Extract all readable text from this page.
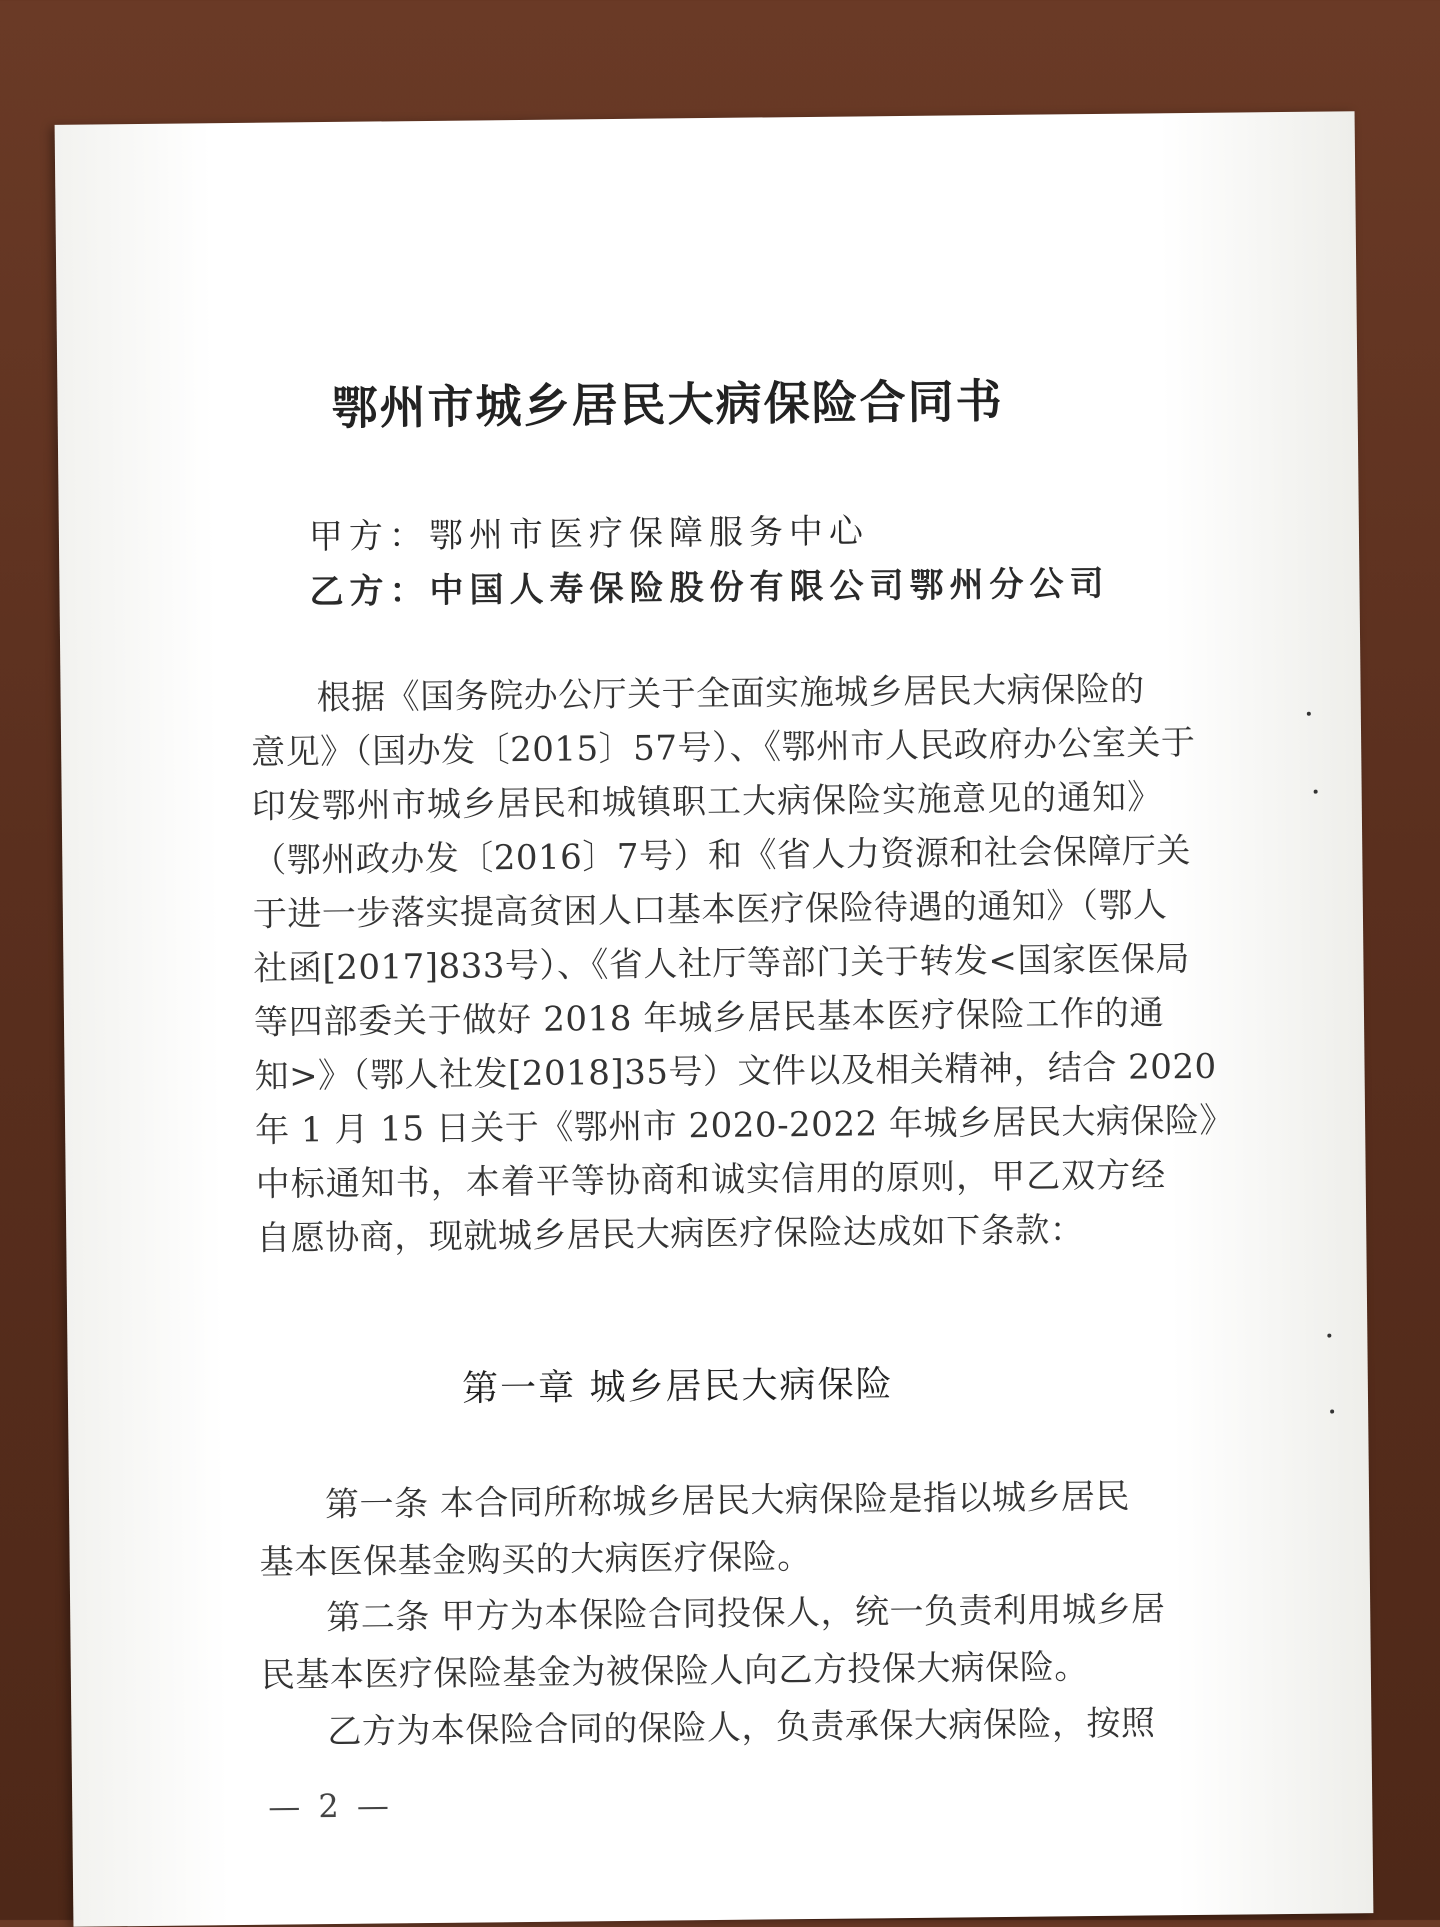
鄂州市城乡居民大病保险合同书
甲方：鄂州市医疗保障服务中心
乙方：中国人寿保险股份有限公司鄂州分公司
根据《国务院办公厅关于全面实施城乡居民大病保险的
意见》（国办发〔2015〕57号）、《鄂州市人民政府办公室关于
印发鄂州市城乡居民和城镇职工大病保险实施意见的通知》
（鄂州政办发〔2016〕7号）和《省人力资源和社会保障厅关
于进一步落实提高贫困人口基本医疗保险待遇的通知》（鄂人
社函[2017]833号）、《省人社厅等部门关于转发<国家医保局
等四部委关于做好 2018 年城乡居民基本医疗保险工作的通
知>》（鄂人社发[2018]35号）文件以及相关精神，结合 2020
年 1 月 15 日关于《鄂州市 2020-2022 年城乡居民大病保险》
中标通知书，本着平等协商和诚实信用的原则，甲乙双方经
自愿协商，现就城乡居民大病医疗保险达成如下条款：
第一章 城乡居民大病保险
第一条 本合同所称城乡居民大病保险是指以城乡居民
基本医保基金购买的大病医疗保险。
第二条 甲方为本保险合同投保人，统一负责利用城乡居
民基本医疗保险基金为被保险人向乙方投保大病保险。
乙方为本保险合同的保险人，负责承保大病保险，按照
— 2 —
